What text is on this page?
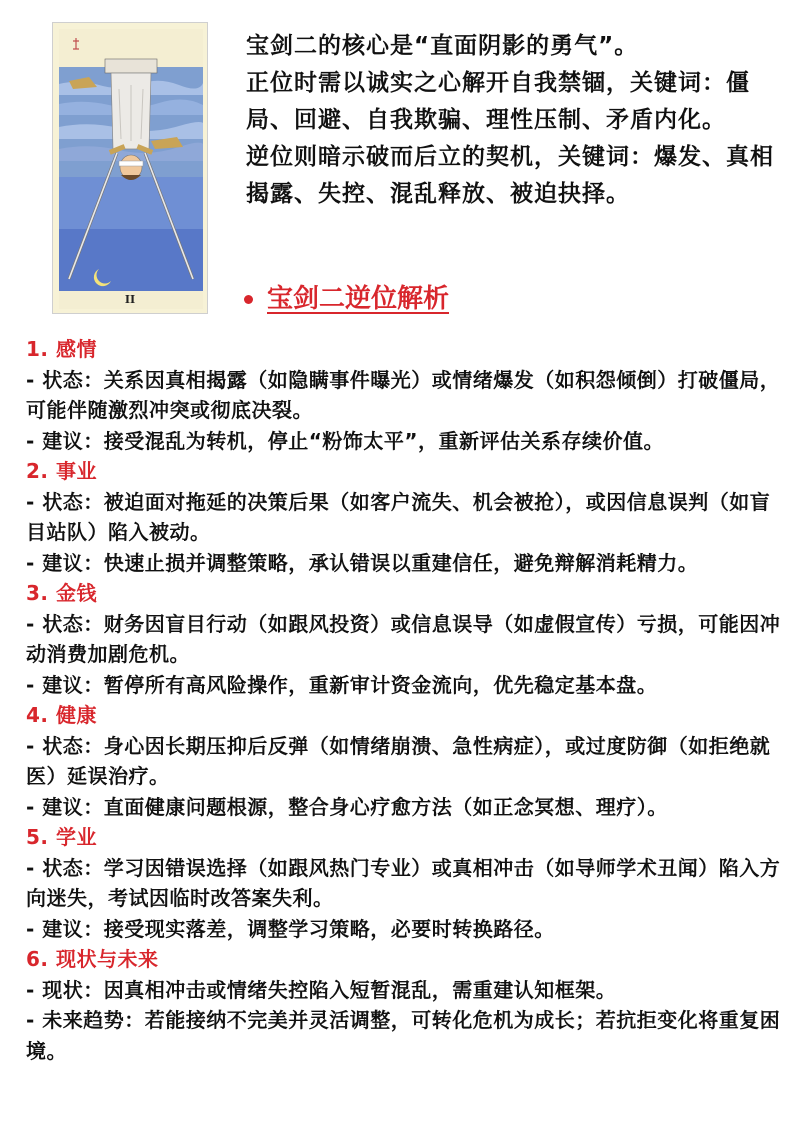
II

宝剑二的核心是“直面阴影的勇气”。

正位时需以诚实之心解开自我禁锢，关键词：僵局、回避、自我欺骗、理性压制、矛盾内化。

逆位则暗示破而后立的契机，关键词：爆发、真相揭露、失控、混乱释放、被迫抉择。

宝剑二逆位解析

1. 感情

- 状态：关系因真相揭露（如隐瞒事件曝光）或情绪爆发（如积怨倾倒）打破僵局，可能伴随激烈冲突或彻底决裂。

- 建议：接受混乱为转机，停止“粉饰太平”，重新评估关系存续价值。

2. 事业

- 状态：被迫面对拖延的决策后果（如客户流失、机会被抢），或因信息误判（如盲目站队）陷入被动。

- 建议：快速止损并调整策略，承认错误以重建信任，避免辩解消耗精力。

3. 金钱

- 状态：财务因盲目行动（如跟风投资）或信息误导（如虚假宣传）亏损，可能因冲动消费加剧危机。

- 建议：暂停所有高风险操作，重新审计资金流向，优先稳定基本盘。

4. 健康

- 状态：身心因长期压抑后反弹（如情绪崩溃、急性病症），或过度防御（如拒绝就医）延误治疗。

- 建议：直面健康问题根源，整合身心疗愈方法（如正念冥想、理疗）。

5. 学业

- 状态：学习因错误选择（如跟风热门专业）或真相冲击（如导师学术丑闻）陷入方向迷失，考试因临时改答案失利。

- 建议：接受现实落差，调整学习策略，必要时转换路径。

6. 现状与未来

- 现状：因真相冲击或情绪失控陷入短暂混乱，需重建认知框架。

- 未来趋势：若能接纳不完美并灵活调整，可转化危机为成长；若抗拒变化将重复困境。
